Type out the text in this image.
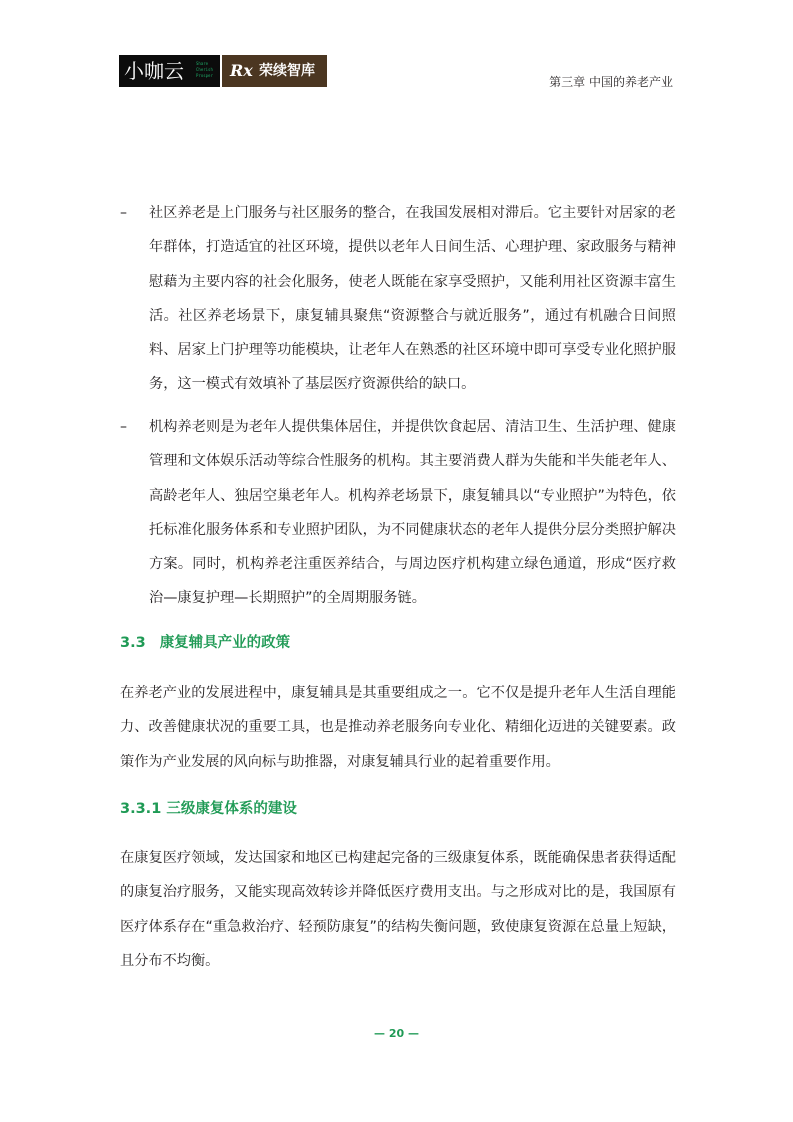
小咖云	Share Cherish Prosper	Rx 荣续智库
第三章 中国的养老产业
– 社区养老是上门服务与社区服务的整合，在我国发展相对滞后。它主要针对居家的老年群体，打造适宜的社区环境，提供以老年人日间生活、心理护理、家政服务与精神慰藉为主要内容的社会化服务，使老人既能在家享受照护，又能利用社区资源丰富生活。社区养老场景下，康复辅具聚焦“资源整合与就近服务”，通过有机融合日间照料、居家上门护理等功能模块，让老年人在熟悉的社区环境中即可享受专业化照护服务，这一模式有效填补了基层医疗资源供给的缺口。

– 机构养老则是为老年人提供集体居住，并提供饮食起居、清洁卫生、生活护理、健康管理和文体娱乐活动等综合性服务的机构。其主要消费人群为失能和半失能老年人、高龄老年人、独居空巢老年人。机构养老场景下，康复辅具以“专业照护”为特色，依托标准化服务体系和专业照护团队，为不同健康状态的老年人提供分层分类照护解决方案。同时，机构养老注重医养结合，与周边医疗机构建立绿色通道，形成“医疗救治—康复护理—长期照护”的全周期服务链。

3.3 康复辅具产业的政策

在养老产业的发展进程中，康复辅具是其重要组成之一。它不仅是提升老年人生活自理能力、改善健康状况的重要工具，也是推动养老服务向专业化、精细化迈进的关键要素。政策作为产业发展的风向标与助推器，对康复辅具行业的起着重要作用。

3.3.1 三级康复体系的建设

在康复医疗领域，发达国家和地区已构建起完备的三级康复体系，既能确保患者获得适配的康复治疗服务，又能实现高效转诊并降低医疗费用支出。与之形成对比的是，我国原有医疗体系存在“重急救治疗、轻预防康复”的结构失衡问题，致使康复资源在总量上短缺，且分布不均衡。

— 20 —
